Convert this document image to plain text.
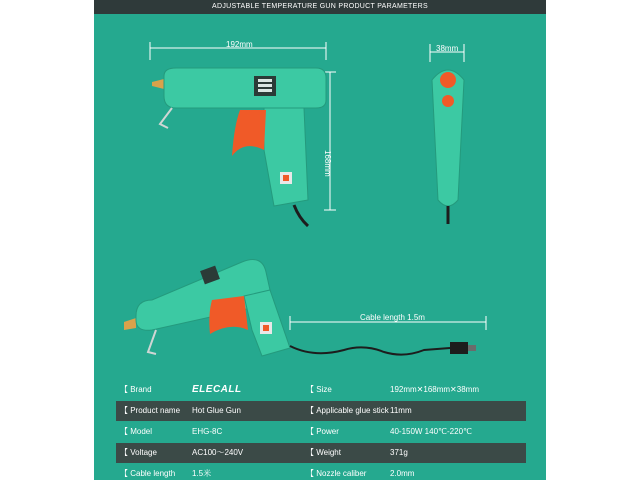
ADJUSTABLE TEMPERATURE GUN PRODUCT PARAMETERS
192mm
168mm
38mm
Cable length 1.5m
【 Brand	ELECALL	【 Size	192mm✕168mm✕38mm
【 Product name Hot Glue Gun	【 Applicable glue stick 11mm
【 Model	EHG-8C	【 Power	40-150W 140℃-220℃
【 Voltage	AC100～240V	【 Weight	371g
【 Cable length 1.5米	【 Nozzle caliber	2.0mm
